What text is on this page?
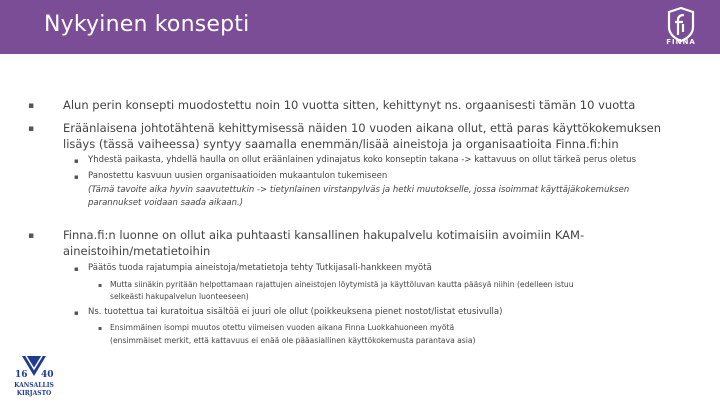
Nykyinen konsepti
FINNA
▪	Alun perin konsepti muodostettu noin 10 vuotta sitten, kehittynyt ns. orgaanisesti tämän 10 vuotta
▪	Eräänlaisena johtotähtenä kehittymisessä näiden 10 vuoden aikana ollut, että paras käyttökokemuksen
lisäys (tässä vaiheessa) syntyy saamalla enemmän/lisää aineistoja ja organisaatioita Finna.fi:hin
▪ Yhdestä paikasta, yhdellä haulla on ollut eräänlainen ydinajatus koko konseptin takana -> kattavuus on ollut tärkeä perus oletus
▪ Panostettu kasvuun uusien organisaatioiden mukaantulon tukemiseen
(Tämä tavoite aika hyvin saavutettukin -> tietynlainen virstanpylväs ja hetki muutokselle, jossa isoimmat käyttäjäkokemuksen
parannukset voidaan saada aikaan.)
▪	Finna.fi:n luonne on ollut aika puhtaasti kansallinen hakupalvelu kotimaisiin avoimiin KAM-
aineistoihin/metatietoihin
▪ Päätös tuoda rajatumpia aineistoja/metatietoja tehty Tutkijasali-hankkeen myötä
▪ Mutta siinäkin pyritään helpottamaan rajattujen aineistojen löytymistä ja käyttöluvan kautta pääsyä niihin (edelleen istuu
selkeästi hakupalvelun luonteeseen)
▪ Ns. tuotettua tai kuratoitua sisältöä ei juuri ole ollut (poikkeuksena pienet nostot/listat etusivulla)
▪ Ensimmäinen isompi muutos otettu viimeisen vuoden aikana Finna Luokkahuoneen myötä
(ensimmäiset merkit, että kattavuus ei enää ole pääasiallinen käyttökokemusta parantava asia)
16 40
KANSALLIS
KIRJASTO
